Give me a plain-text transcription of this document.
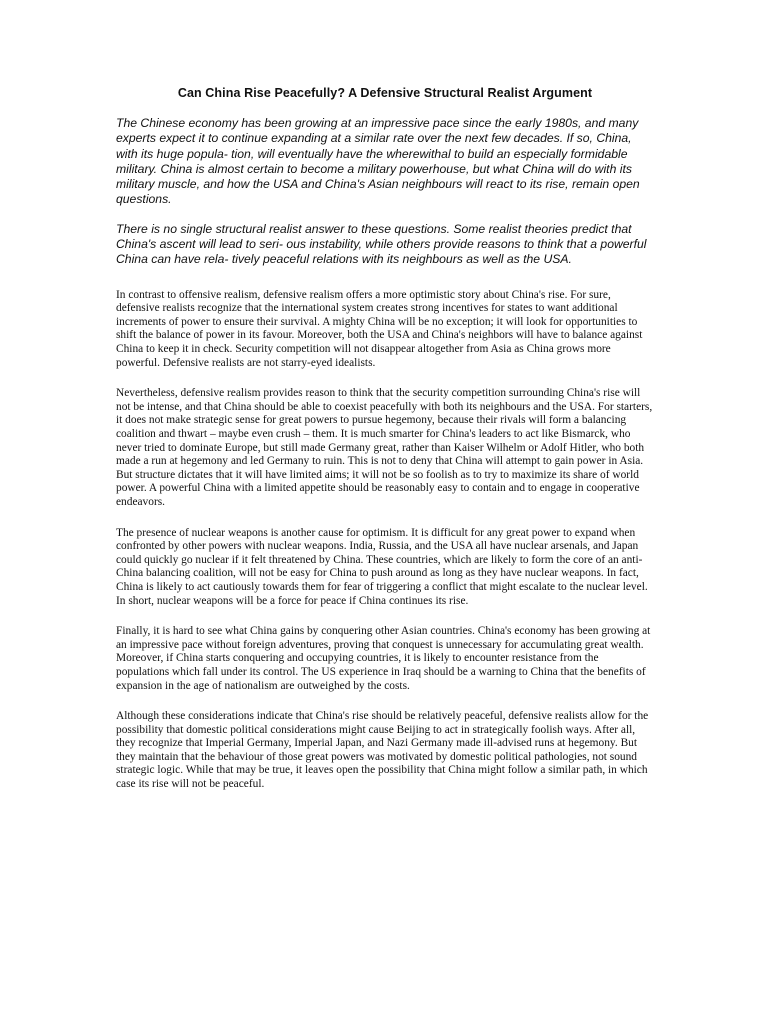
Can China Rise Peacefully? A Defensive Structural Realist Argument

The Chinese economy has been growing at an impressive pace since the early 1980s, and many experts expect it to continue expanding at a similar rate over the next few decades. If so, China, with its huge popula- tion, will eventually have the wherewithal to build an especially formidable military. China is almost certain to become a military powerhouse, but what China will do with its military muscle, and how the USA and China's Asian neighbours will react to its rise, remain open questions.

There is no single structural realist answer to these questions. Some realist theories predict that China's ascent will lead to seri- ous instability, while others provide reasons to think that a powerful China can have rela- tively peaceful relations with its neighbours as well as the USA.

In contrast to offensive realism, defensive realism offers a more optimistic story about China's rise. For sure, defensive realists recognize that the international system creates strong incentives for states to want additional increments of power to ensure their survival. A mighty China will be no exception; it will look for opportunities to shift the balance of power in its favour. Moreover, both the USA and China's neighbors will have to balance against China to keep it in check. Security competition will not disappear altogether from Asia as China grows more powerful. Defensive realists are not starry-eyed idealists.

Nevertheless, defensive realism provides reason to think that the security competition surrounding China's rise will not be intense, and that China should be able to coexist peacefully with both its neighbours and the USA. For starters, it does not make strategic sense for great powers to pursue hegemony, because their rivals will form a balancing coalition and thwart – maybe even crush – them. It is much smarter for China's leaders to act like Bismarck, who never tried to dominate Europe, but still made Germany great, rather than Kaiser Wilhelm or Adolf Hitler, who both made a run at hegemony and led Germany to ruin. This is not to deny that China will attempt to gain power in Asia. But structure dictates that it will have limited aims; it will not be so foolish as to try to maximize its share of world power. A powerful China with a limited appetite should be reasonably easy to contain and to engage in cooperative endeavors.

The presence of nuclear weapons is another cause for optimism. It is difficult for any great power to expand when confronted by other powers with nuclear weapons. India, Russia, and the USA all have nuclear arsenals, and Japan could quickly go nuclear if it felt threatened by China. These countries, which are likely to form the core of an anti-China balancing coalition, will not be easy for China to push around as long as they have nuclear weapons. In fact, China is likely to act cautiously towards them for fear of triggering a conflict that might escalate to the nuclear level. In short, nuclear weapons will be a force for peace if China continues its rise.

Finally, it is hard to see what China gains by conquering other Asian countries. China's economy has been growing at an impressive pace without foreign adventures, proving that conquest is unnecessary for accumulating great wealth. Moreover, if China starts conquering and occupying countries, it is likely to encounter resistance from the populations which fall under its control. The US experience in Iraq should be a warning to China that the benefits of expansion in the age of nationalism are outweighed by the costs.

Although these considerations indicate that China's rise should be relatively peaceful, defensive realists allow for the possibility that domestic political considerations might cause Beijing to act in strategically foolish ways. After all, they recognize that Imperial Germany, Imperial Japan, and Nazi Germany made ill-advised runs at hegemony. But they maintain that the behaviour of those great powers was motivated by domestic political pathologies, not sound strategic logic. While that may be true, it leaves open the possibility that China might follow a similar path, in which case its rise will not be peaceful.
